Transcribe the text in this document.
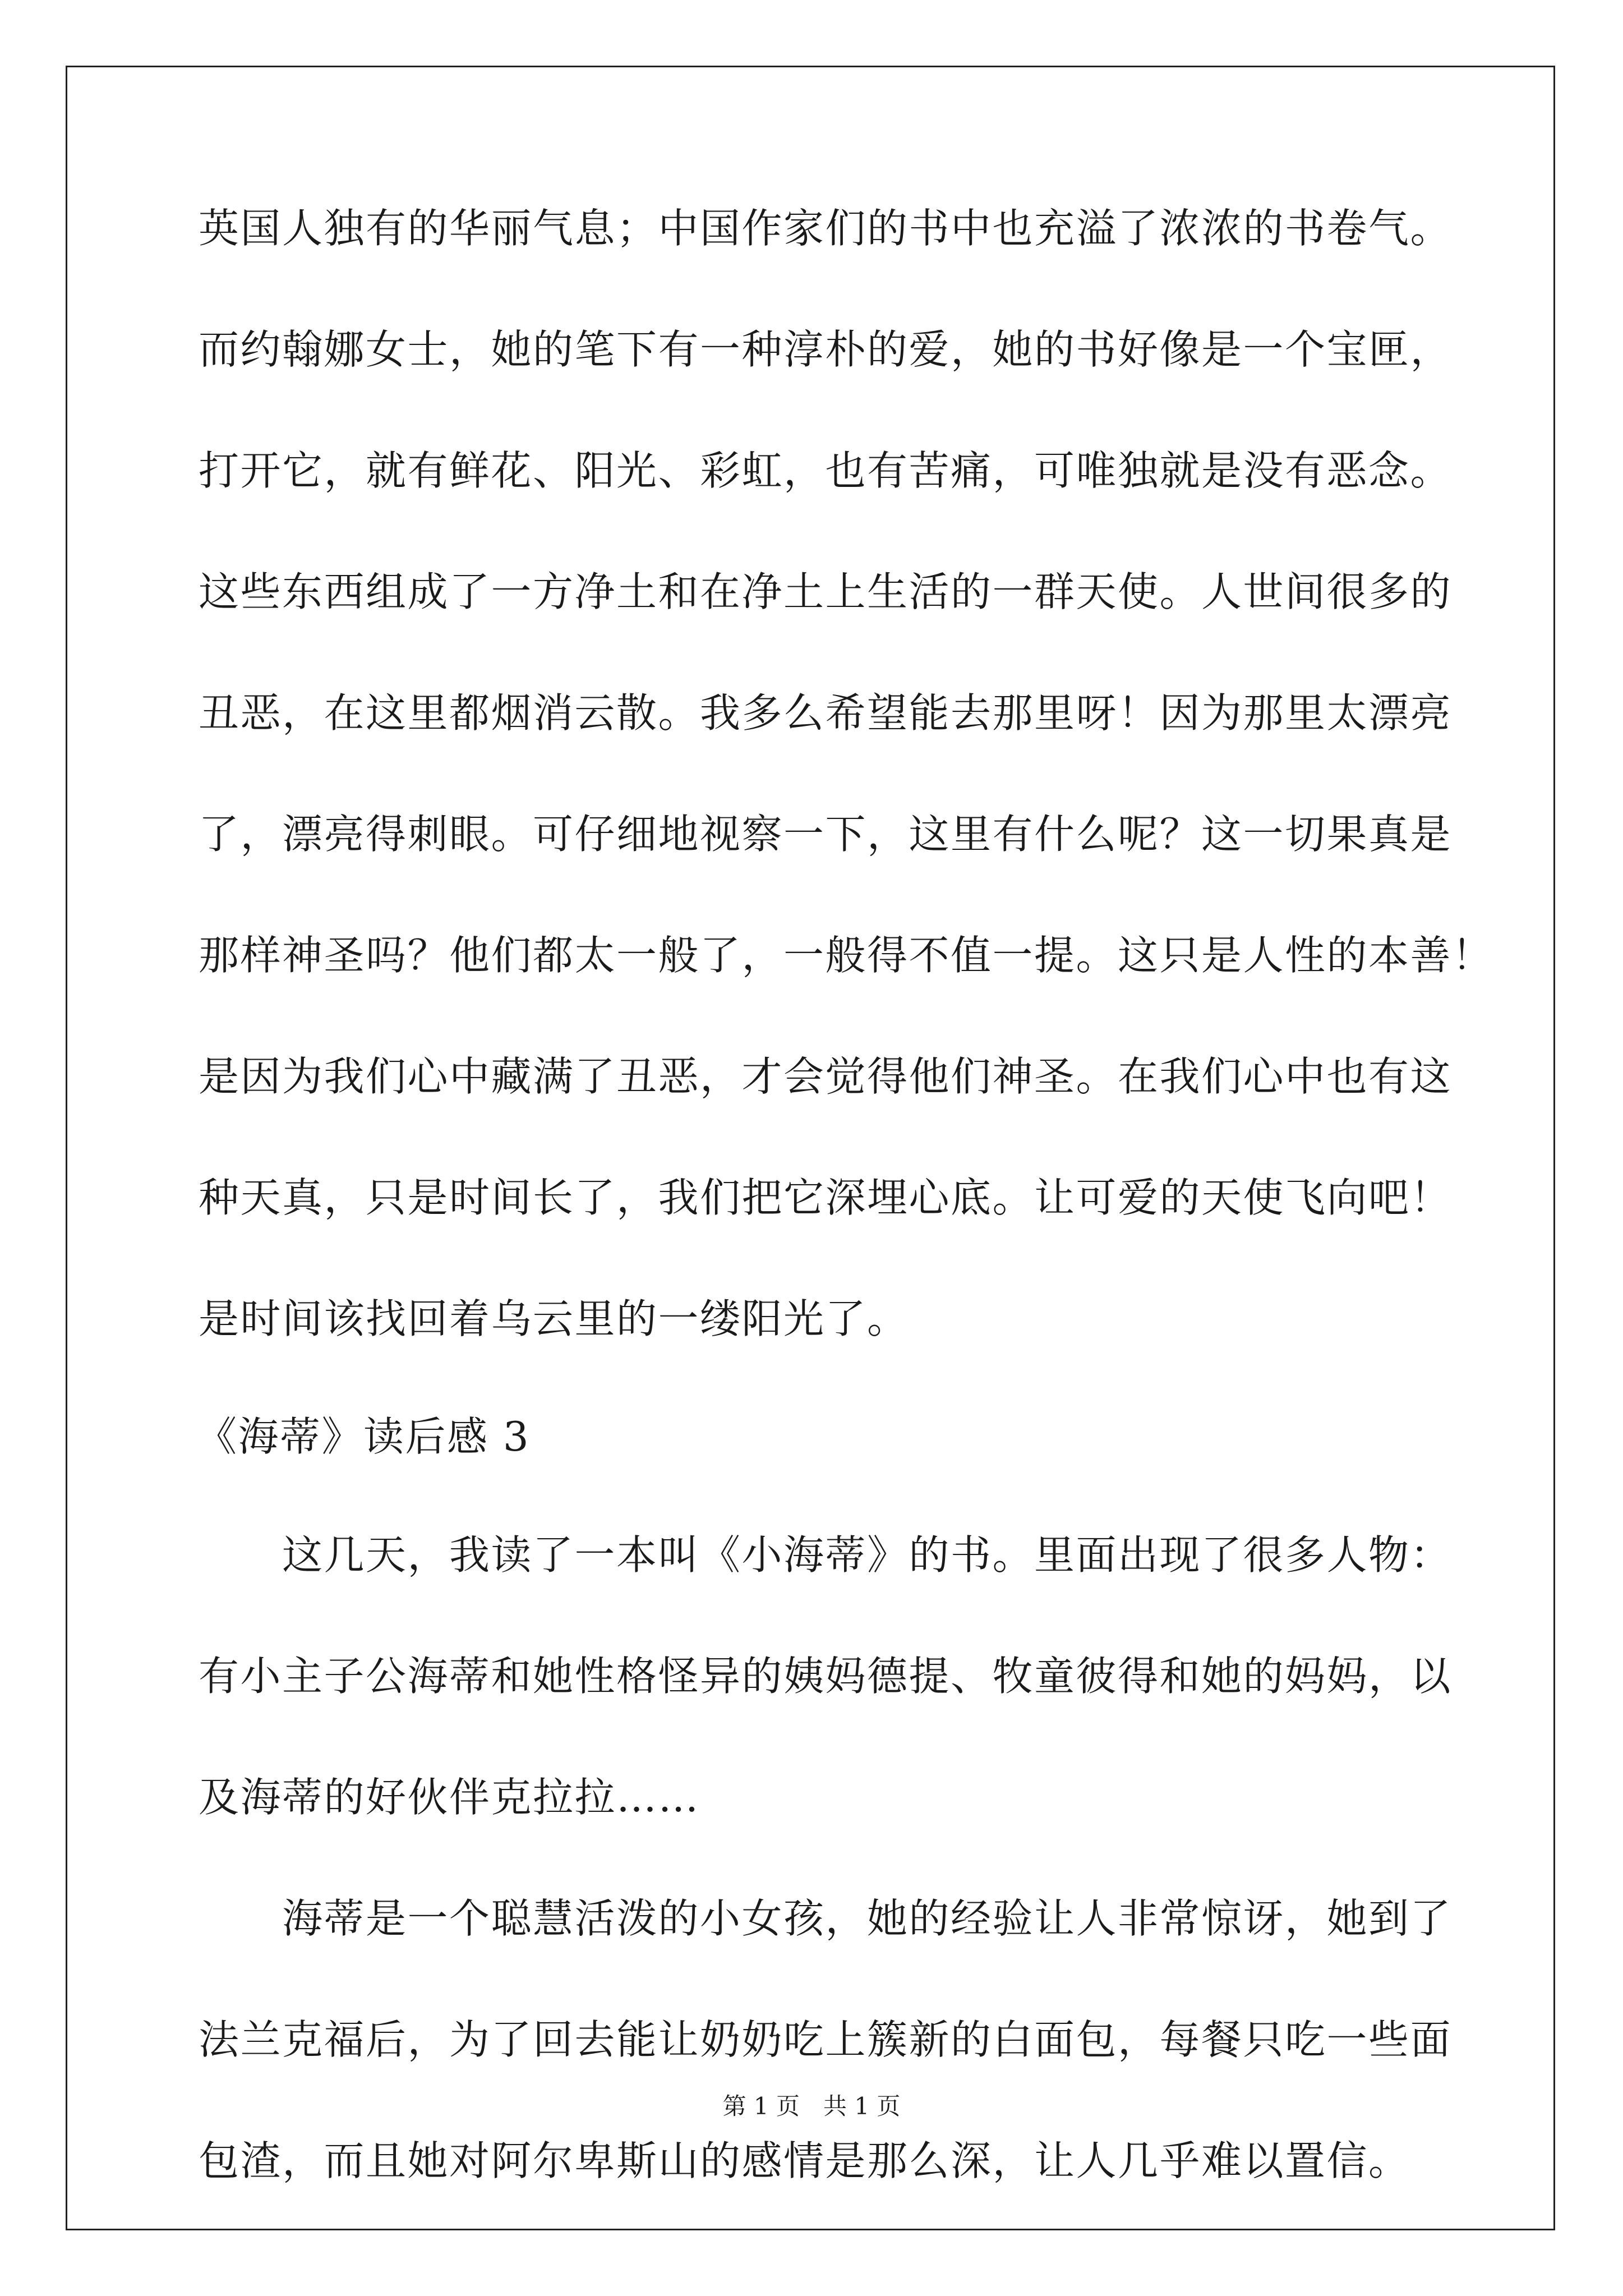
英国人独有的华丽气息；中国作家们的书中也充溢了浓浓的书卷气。
而约翰娜女士，她的笔下有一种淳朴的爱，她的书好像是一个宝匣，
打开它，就有鲜花、阳光、彩虹，也有苦痛，可唯独就是没有恶念。
这些东西组成了一方净土和在净土上生活的一群天使。人世间很多的
丑恶，在这里都烟消云散。我多么希望能去那里呀！因为那里太漂亮
了，漂亮得刺眼。可仔细地视察一下，这里有什么呢？这一切果真是
那样神圣吗？他们都太一般了，一般得不值一提。这只是人性的本善！
是因为我们心中藏满了丑恶，才会觉得他们神圣。在我们心中也有这
种天真，只是时间长了，我们把它深埋心底。让可爱的天使飞向吧！
是时间该找回着乌云里的一缕阳光了。
《海蒂》读后感 3
　　这几天，我读了一本叫《小海蒂》的书。里面出现了很多人物：
有小主子公海蒂和她性格怪异的姨妈德提、牧童彼得和她的妈妈，以
及海蒂的好伙伴克拉拉……
　　海蒂是一个聪慧活泼的小女孩，她的经验让人非常惊讶，她到了
法兰克福后，为了回去能让奶奶吃上簇新的白面包，每餐只吃一些面
包渣，而且她对阿尔卑斯山的感情是那么深，让人几乎难以置信。
第 1 页　共 1 页
